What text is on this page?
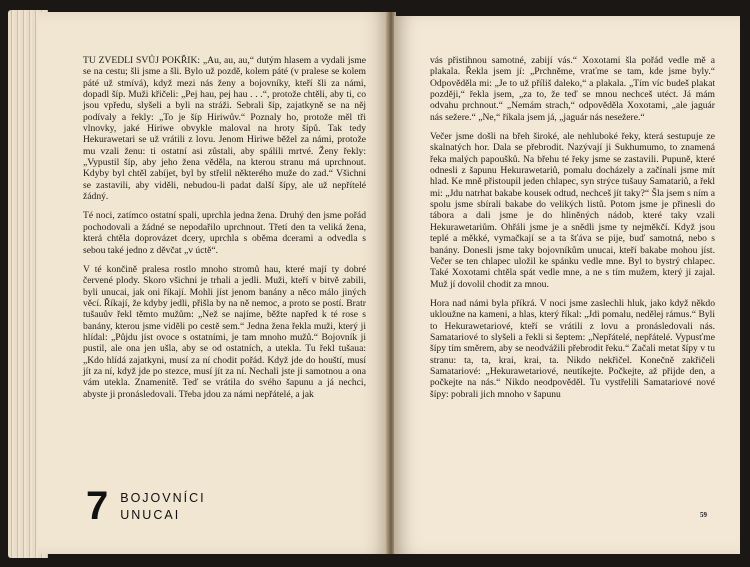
TU ZVEDLI SVŮJ POKŘIK: „Au, au, au,“ dutým hlasem a vydali jsme se na cestu; šli jsme a šli. Bylo už pozdě, kolem páté (v pralese se kolem páté už stmívá), když mezi nás ženy a bojovníky, kteří šli za námi, dopadl šíp. Muži křičeli: „Pej hau, pej hau . . .“, protože chtěli, aby ti, co jsou vpředu, slyšeli a byli na stráži. Sebrali šíp, zajatkyně se na něj podívaly a řekly: „To je šíp Hiriwův.“ Poznaly ho, protože měl tři vlnovky, jaké Hiriwe obvykle maloval na hroty šípů. Tak tedy Hekurawetari se už vrátili z lovu. Jenom Hiriwe běžel za námi, protože mu vzali ženu: ti ostatní asi zůstali, aby spálili mrtvé. Ženy řekly: „Vypustil šíp, aby jeho žena věděla, na kterou stranu má uprchnout. Kdyby byl chtěl zabíjet, byl by střelil některého muže do zad.“ Všichni se zastavili, aby viděli, nebudou-li padat další šípy, ale už nepřítelé žádný.

Té noci, zatímco ostatní spali, uprchla jedna žena. Druhý den jsme pořád pochodovali a žádné se nepodařilo uprchnout. Třetí den ta veliká žena, která chtěla doprovázet dcery, uprchla s oběma dcerami a odvedla s sebou také jedno z děvčat „v úctě“.

V té končině pralesa rostlo mnoho stromů hau, které mají ty dobré červené plody. Skoro všichni je trhali a jedli. Muži, kteří v bitvě zabili, byli unucai, jak oni říkají. Mohli jíst jenom banány a něco málo jiných věcí. Říkají, že kdyby jedli, přišla by na ně nemoc, a proto se postí. Bratr tušauův řekl těmto mužům: „Než se najíme, běžte napřed k té rose s banány, kterou jsme viděli po cestě sem.“ Jedna žena řekla muži, který ji hlídal: „Půjdu jíst ovoce s ostatními, je tam mnoho mužů.“ Bojovník ji pustil, ale ona jen ušla, aby se od ostatních, a utekla. Tu řekl tušaua: „Kdo hlídá zajatkyni, musí za ní chodit pořád. Když jde do houští, musí jít za ní, když jde po stezce, musí jít za ní. Nechali jste ji samotnou a ona vám utekla. Znamenitě. Teď se vrátila do svého šapunu a já nechci, abyste ji pronásledovali. Třeba jdou za námi nepřátelé, a jak

7 BOJOVNÍCI
UNUCAI

vás přistihnou samotné, zabijí vás.“ Xoxotami šla pořád vedle mě a plakala. Řekla jsem jí: „Prchněme, vraťme se tam, kde jsme byly.“ Odpověděla mi: „Je to už příliš daleko,“ a plakala. „Tím víc budeš plakat později,“ řekla jsem, „za to, že teď se mnou nechceš utéct. Já mám odvahu prchnout.“ „Nemám strach,“ odpověděla Xoxotami, „ale jaguár nás sežere.“ „Ne,“ říkala jsem já, „jaguár nás nesežere.“

Večer jsme došli na břeh široké, ale nehluboké řeky, která sestupuje ze skalnatých hor. Dala se přebrodit. Nazývají ji Sukhumumo, to znamená řeka malých papoušků. Na břehu té řeky jsme se zastavili. Pupuně, které odnesli z šapunu Hekurawetariů, pomalu docházely a začínali jsme mít hlad. Ke mně přistoupil jeden chlapec, syn strýce tušauy Samatariů, a řekl mi: „Jdu natrhat bakabe kousek odtud, nechceš jít taky?“ Šla jsem s ním a spolu jsme sbírali bakabe do velikých listů. Potom jsme je přinesli do tábora a dali jsme je do hliněných nádob, které taky vzali Hekurawetariům. Ohřáli jsme je a snědli jsme ty nejměkčí. Když jsou teplé a měkké, vymačkají se a ta šťáva se pije, buď samotná, nebo s banány. Donesli jsme taky bojovníkům unucai, kteří bakabe mohou jíst. Večer se ten chlapec uložil ke spánku vedle mne. Byl to bystrý chlapec. Také Xoxotami chtěla spát vedle mne, a ne s tím mužem, který ji zajal. Muž jí dovolil chodit za mnou.

Hora nad námi byla příkrá. V noci jsme zaslechli hluk, jako když někdo ukloužne na kameni, a hlas, který říkal: „Jdi pomalu, nedělej rámus.“ Byli to Hekurawetariové, kteří se vrátili z lovu a pronásledovali nás. Samatariové to slyšeli a řekli si šeptem: „Nepřátelé, nepřátelé. Vypusťme šípy tím směrem, aby se neodvážili přebrodit řeku.“ Začali metat šípy v tu stranu: ta, ta, krai, krai, ta. Nikdo nekřičel. Konečně zakřičeli Samatariové: „Hekurawetariové, neutíkejte. Počkejte, až přijde den, a počkejte na nás.“ Nikdo neodpověděl. Tu vystřelili Samatariové nové šípy: pobrali jich mnoho v šapunu

59
